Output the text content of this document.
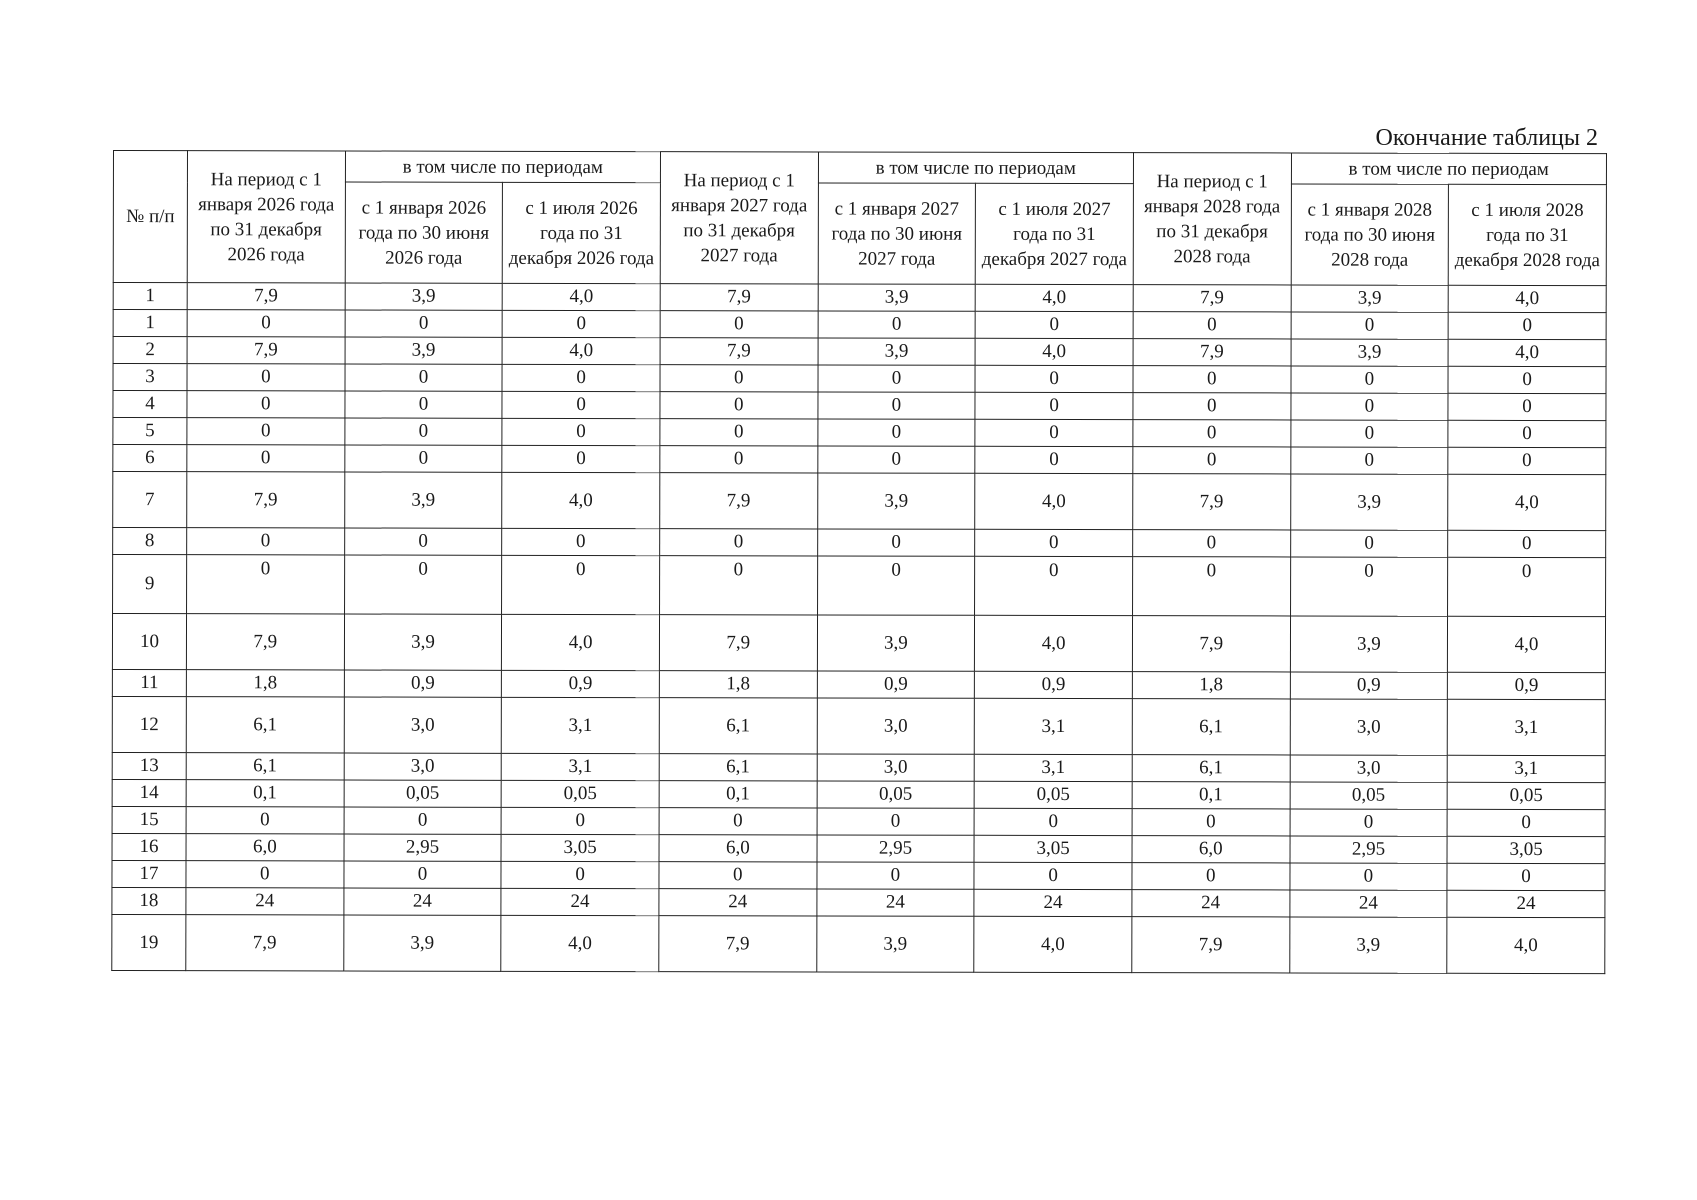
Окончание таблицы 2
№ п/п	На период с 1 января 2026 года по 31 декабря 2026 года	в том числе по периодам		На период с 1 января 2027 года по 31 декабря 2027 года	в том числе по периодам		На период с 1 января 2028 года по 31 декабря 2028 года	в том числе по периодам	
		с 1 января 2026 года по 30 июня 2026 года	с 1 июля 2026 года по 31 декабря 2026 года		с 1 января 2027 года по 30 июня 2027 года	с 1 июля 2027 года по 31 декабря 2027 года		с 1 января 2028 года по 30 июня 2028 года	с 1 июля 2028 года по 31 декабря 2028 года
1	7,9	3,9	4,0	7,9	3,9	4,0	7,9	3,9	4,0
1	0	0	0	0	0	0	0	0	0
2	7,9	3,9	4,0	7,9	3,9	4,0	7,9	3,9	4,0
3	0	0	0	0	0	0	0	0	0
4	0	0	0	0	0	0	0	0	0
5	0	0	0	0	0	0	0	0	0
6	0	0	0	0	0	0	0	0	0
7	7,9	3,9	4,0	7,9	3,9	4,0	7,9	3,9	4,0
8	0	0	0	0	0	0	0	0	0
9	0	0	0	0	0	0	0	0	0
10	7,9	3,9	4,0	7,9	3,9	4,0	7,9	3,9	4,0
11	1,8	0,9	0,9	1,8	0,9	0,9	1,8	0,9	0,9
12	6,1	3,0	3,1	6,1	3,0	3,1	6,1	3,0	3,1
13	6,1	3,0	3,1	6,1	3,0	3,1	6,1	3,0	3,1
14	0,1	0,05	0,05	0,1	0,05	0,05	0,1	0,05	0,05
15	0	0	0	0	0	0	0	0	0
16	6,0	2,95	3,05	6,0	2,95	3,05	6,0	2,95	3,05
17	0	0	0	0	0	0	0	0	0
18	24	24	24	24	24	24	24	24	24
19	7,9	3,9	4,0	7,9	3,9	4,0	7,9	3,9	4,0
